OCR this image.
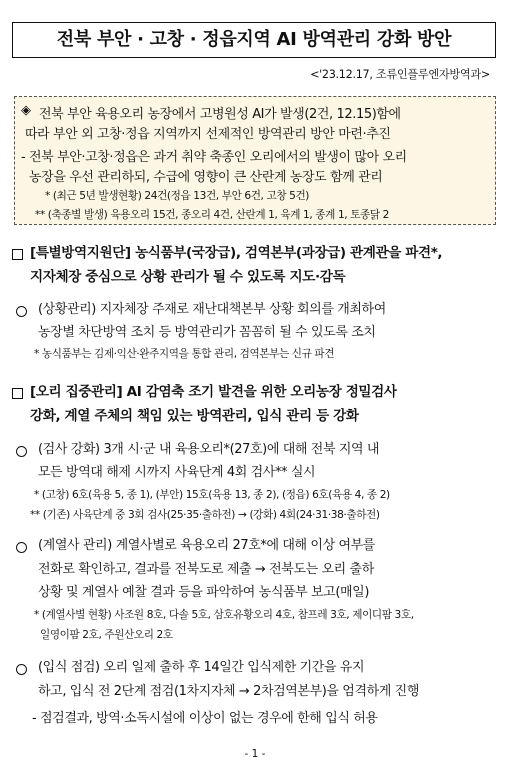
전북 부안 · 고창 · 정읍지역 AI 방역관리 강화 방안
<'23.12.17, 조류인플루엔자방역과>
◈ 전북 부안 육용오리 농장에서 고병원성 AI가 발생(2건, 12.15)함에
따라 부안 외 고창·정읍 지역까지 선제적인 방역관리 방안 마련·추진
- 전북 부안·고창·정읍은 과거 취약 축종인 오리에서의 발생이 많아 오리
농장을 우선 관리하되, 수급에 영향이 큰 산란계 농장도 함께 관리
* (최근 5년 발생현황) 24건(정읍 13건, 부안 6건, 고창 5건)
** (축종별 발생) 육용오리 15건, 종오리 4건, 산란계 1, 육계 1, 종계 1, 토종닭 2
[특별방역지원단] 농식품부(국장급), 검역본부(과장급) 관계관을 파견*,
지자체장 중심으로 상황 관리가 될 수 있도록 지도·감독
(상황관리) 지자체장 주재로 재난대책본부 상황 회의를 개최하여
농장별 차단방역 조치 등 방역관리가 꼼꼼히 될 수 있도록 조치
* 농식품부는 김제·익산·완주지역을 통합 관리, 검역본부는 신규 파견
[오리 집중관리] AI 감염축 조기 발견을 위한 오리농장 정밀검사
강화, 계열 주체의 책임 있는 방역관리, 입식 관리 등 강화
(검사 강화) 3개 시·군 내 육용오리*(27호)에 대해 전북 지역 내
모든 방역대 해제 시까지 사육단계 4회 검사** 실시
* (고창) 6호(육용 5, 종 1), (부안) 15호(육용 13, 종 2), (정읍) 6호(육용 4, 종 2)
** (기존) 사육단계 중 3회 검사(25·35·출하전) → (강화) 4회(24·31·38·출하전)
(계열사 관리) 계열사별로 육용오리 27호*에 대해 이상 여부를
전화로 확인하고, 결과를 전북도로 제출 → 전북도는 오리 출하
상황 및 계열사 예찰 결과 등을 파악하여 농식품부 보고(매일)
* (계열사별 현황) 사조원 8호, 다솔 5호, 삼호유황오리 4호, 참프레 3호, 제이디팜 3호,
일영이팜 2호, 주원산오리 2호
(입식 점검) 오리 일제 출하 후 14일간 입식제한 기간을 유지
하고, 입식 전 2단계 점검(1차지자체 → 2차검역본부)을 엄격하게 진행
- 점검결과, 방역·소독시설에 이상이 없는 경우에 한해 입식 허용
- 1 -
